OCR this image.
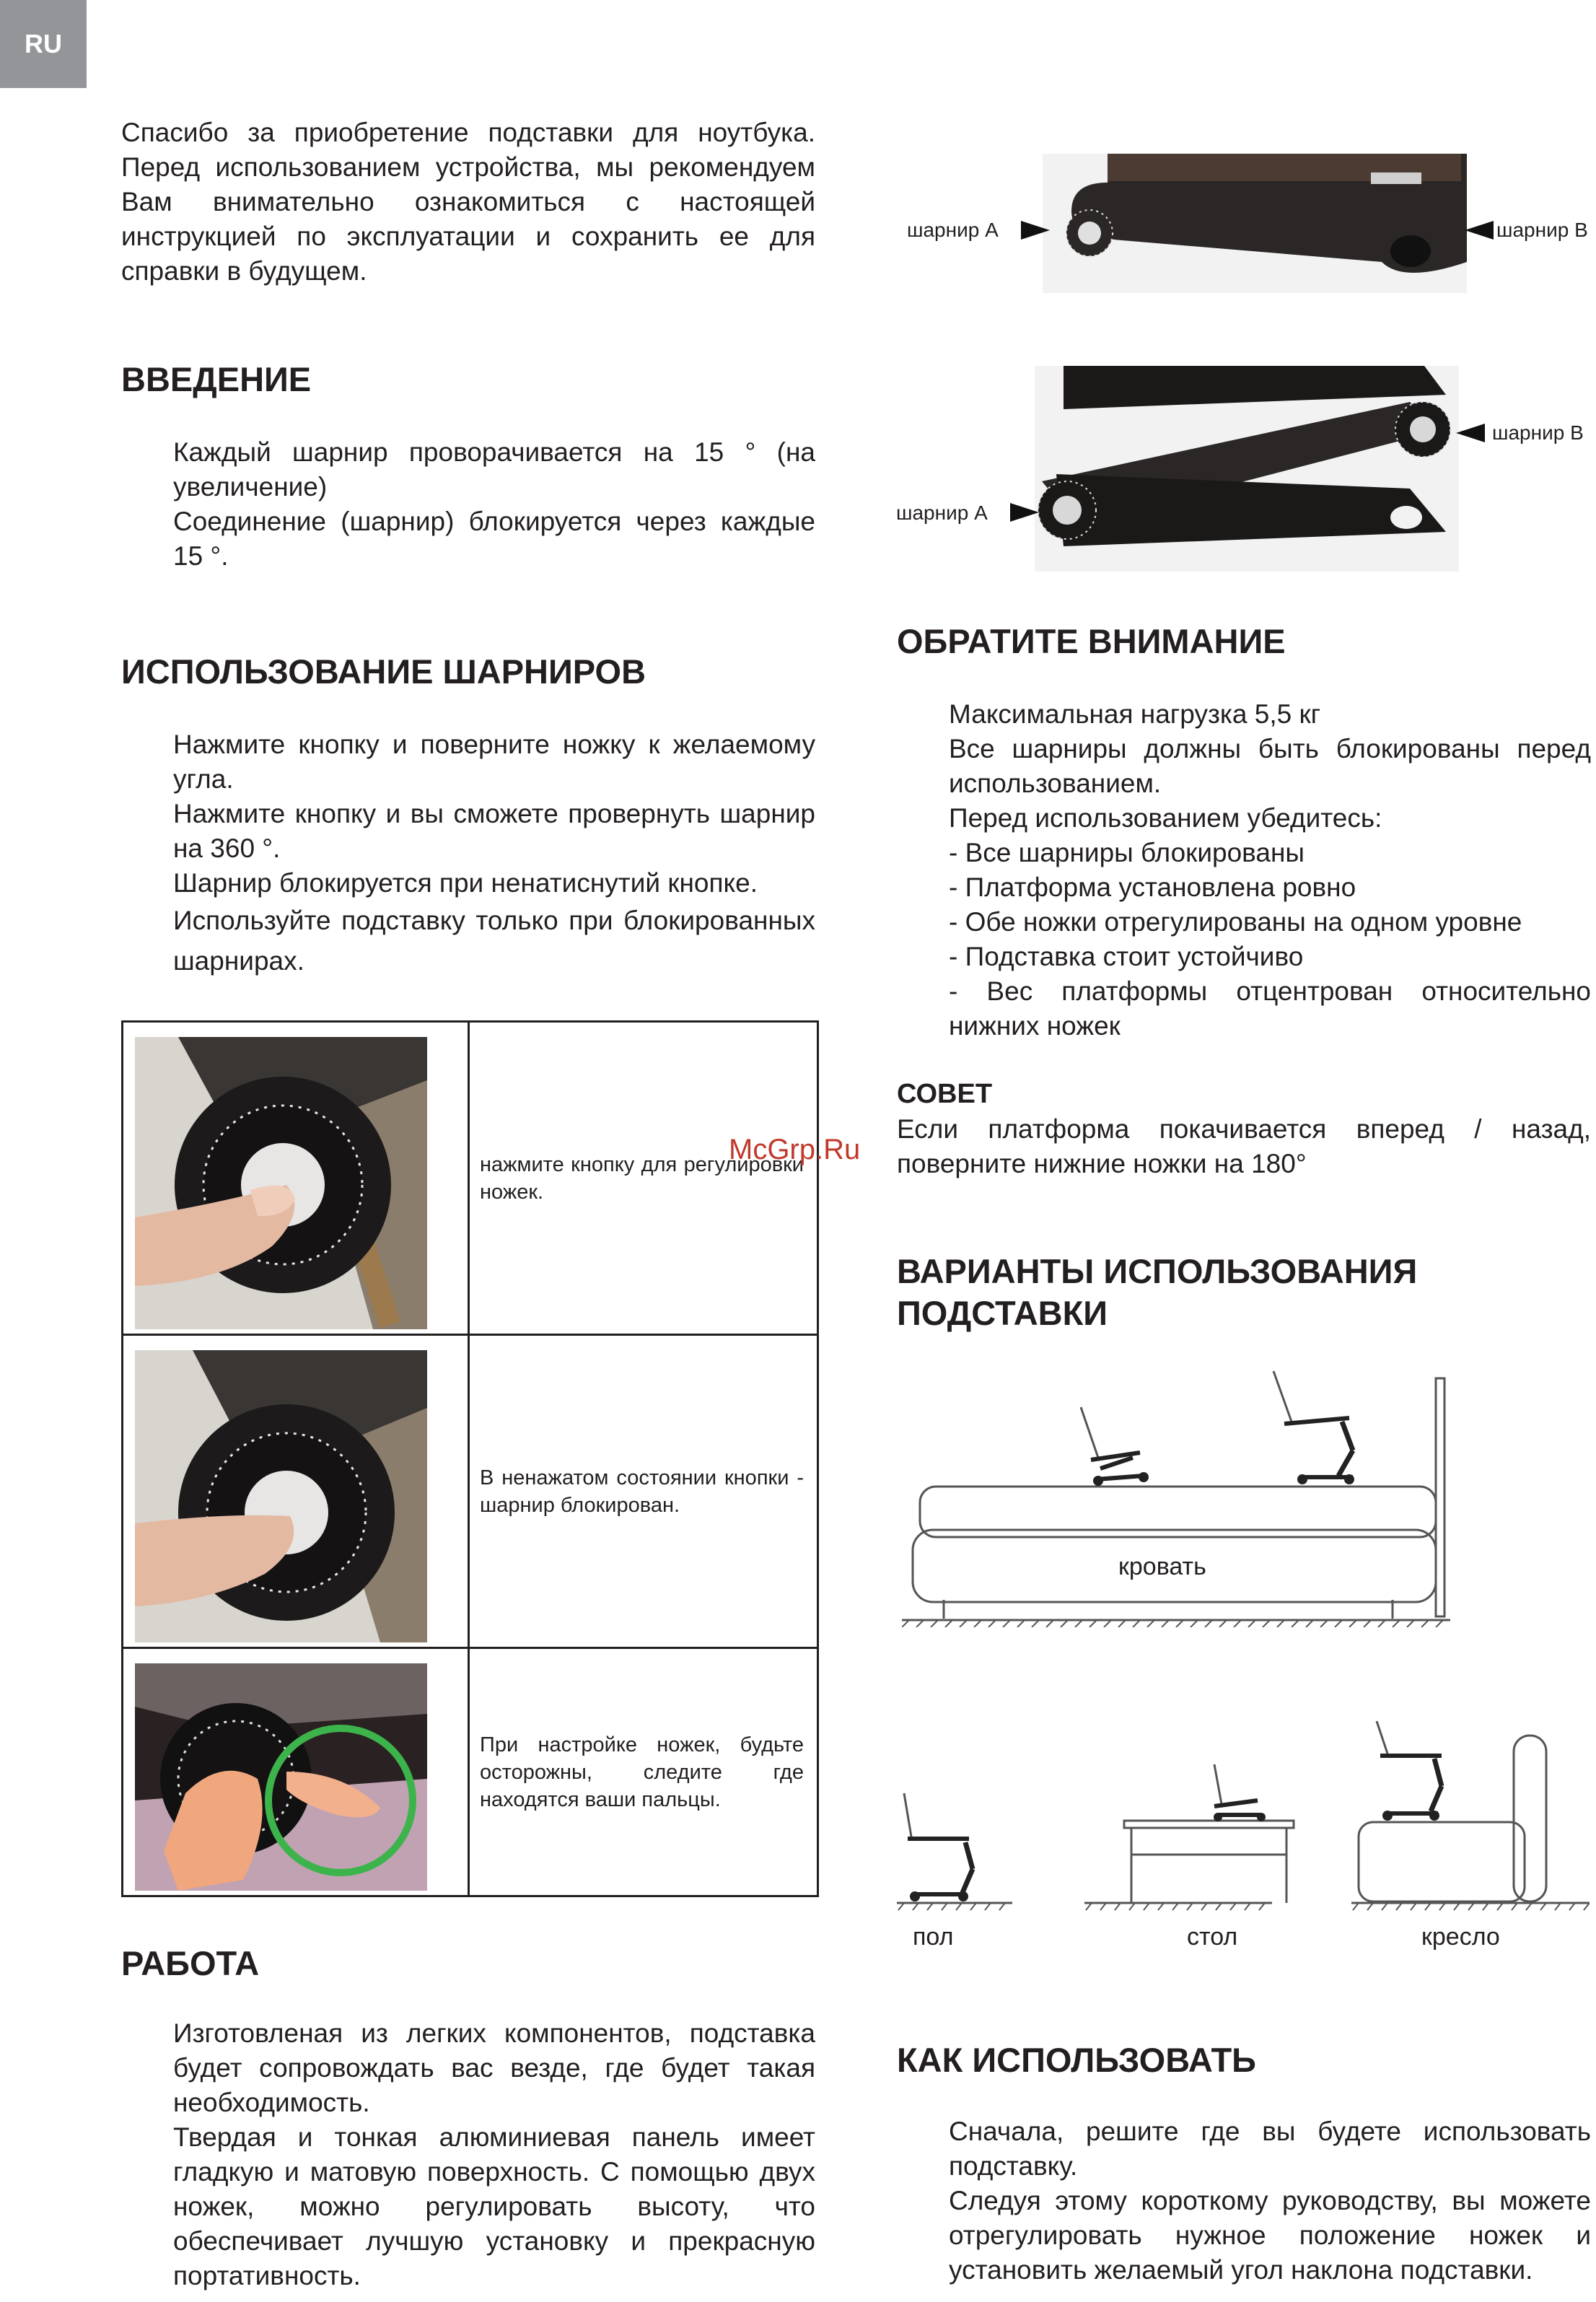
RU

Спасибо за приобретение подставки для ноутбука. Перед использованием устройства, мы рекомендуем Вам внимательно ознакомиться с настоящей инструкцией по эксплуатации и сохранить ее для справки в будущем.

ВВЕДЕНИЕ

Каждый шарнир проворачивается на 15 ° (на увеличение)

Соединение (шарнир) блокируется через каждые 15 °.

ИСПОЛЬЗОВАНИЕ ШАРНИРОВ

Нажмите кнопку и поверните ножку к желаемому угла.

Нажмите кнопку и вы сможете провернуть шарнир на 360 °.

Шарнир блокируется при ненатиснутий кнопке.

Используйте подставку только при блокированных шарнирах.

нажмите кнопку для регулировки ножек.

В ненажатом состоянии кнопки - шарнир блокирован.

При настройке ножек, будьте осторожны, следите где находятся ваши пальцы.
РАБОТА

Изготовленая из легких компонентов, подставка будет сопровождать вас везде, где будет такая необходимость.

Твердая и тонкая алюминиевая панель имеет гладкую и матовую поверхность. С помощью двух ножек, можно регулировать высоту, что обеспечивает лучшую установку и прекрасную портативность.

шарнир А	шарнир В
шарнир А
шарнир В
ОБРАТИТЕ ВНИМАНИЕ

Максимальная нагрузка 5,5 кг

Все шарниры должны быть блокированы перед использованием.

Перед использованием убедитесь:

- Все шарниры блокированы

- Платформа установлена ровно

- Обе ножки отрегулированы на одном уровне

- Подставка стоит устойчиво

- Вес платформы отцентрован относительно нижних ножек

СОВЕТ

Если платформа покачивается вперед / назад, поверните нижние ножки на 180°

McGrp.Ru
ВАРИАНТЫ ИСПОЛЬЗОВАНИЯ
ПОДСТАВКИ
кровать
пол	стол	кресло
КАК ИСПОЛЬЗОВАТЬ

Сначала, решите где вы будете использовать подставку.

Следуя этому короткому руководству, вы можете отрегулировать нужное положение ножек и установить желаемый угол наклона подставки.
